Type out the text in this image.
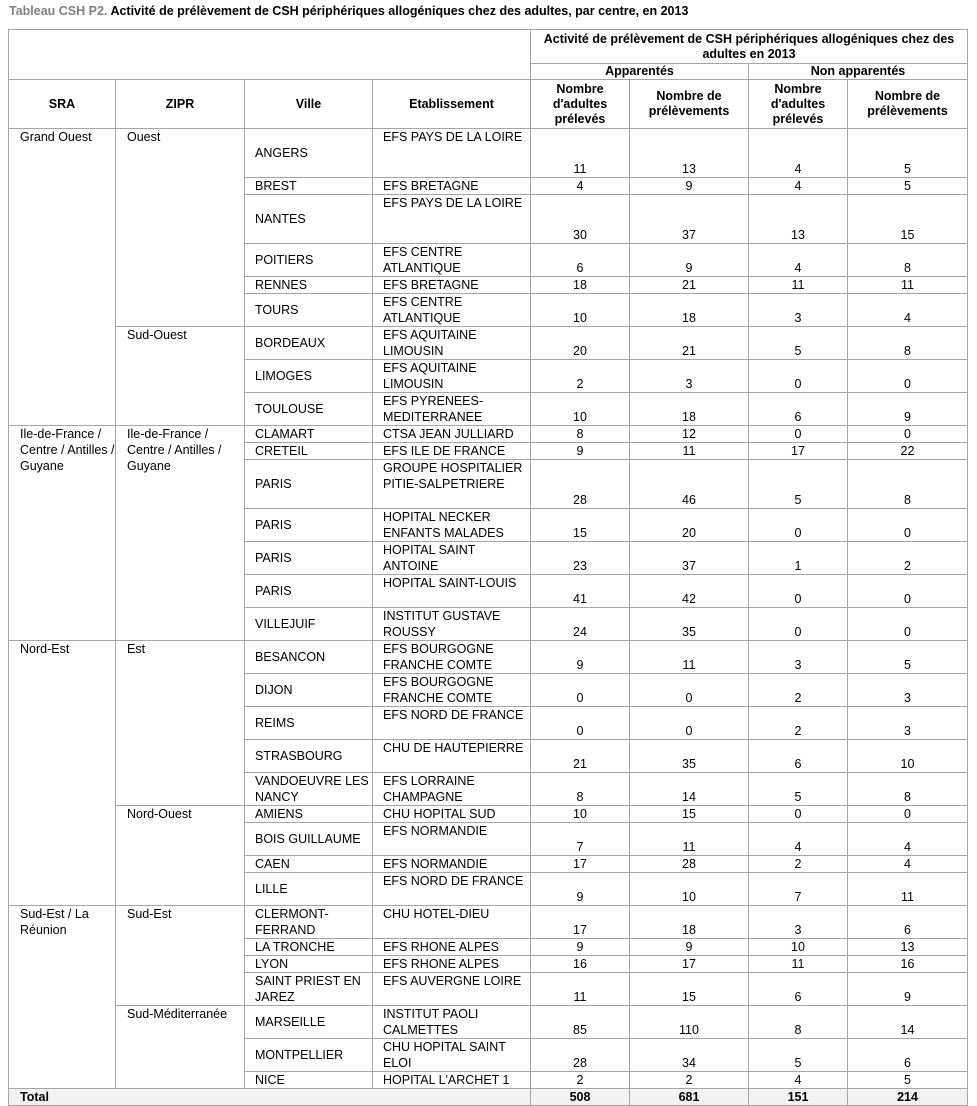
Tableau CSH P2. Activité de prélèvement de CSH périphériques allogéniques chez des adultes, par centre, en 2013
				Activité de prélèvement de CSH périphériques allogéniques chez des adultes en 2013			
				Apparentés		Non apparentés	
SRA	ZIPR	Ville	Etablissement	Nombre d'adultes prélevés	Nombre de prélèvements	Nombre d'adultes prélevés	Nombre de prélèvements
Grand Ouest	Ouest	ANGERS	EFS PAYS DE LA LOIRE	11	13	4	5
		BREST	EFS BRETAGNE	4	9	4	5
		NANTES	EFS PAYS DE LA LOIRE	30	37	13	15
		POITIERS	EFS CENTRE ATLANTIQUE	6	9	4	8
		RENNES	EFS BRETAGNE	18	21	11	11
		TOURS	EFS CENTRE ATLANTIQUE	10	18	3	4
	Sud-Ouest	BORDEAUX	EFS AQUITAINE LIMOUSIN	20	21	5	8
		LIMOGES	EFS AQUITAINE LIMOUSIN	2	3	0	0
		TOULOUSE	EFS PYRENEES-MEDITERRANEE	10	18	6	9
Ile-de-France / Centre / Antilles / Guyane	Ile-de-France / Centre / Antilles / Guyane	CLAMART	CTSA JEAN JULLIARD	8	12	0	0
		CRETEIL	EFS ILE DE FRANCE	9	11	17	22
		PARIS	GROUPE HOSPITALIER PITIE-SALPETRIERE	28	46	5	8
		PARIS	HOPITAL NECKER ENFANTS MALADES	15	20	0	0
		PARIS	HOPITAL SAINT ANTOINE	23	37	1	2
		PARIS	HOPITAL SAINT-LOUIS	41	42	0	0
		VILLEJUIF	INSTITUT GUSTAVE ROUSSY	24	35	0	0
Nord-Est	Est	BESANCON	EFS BOURGOGNE FRANCHE COMTE	9	11	3	5
		DIJON	EFS BOURGOGNE FRANCHE COMTE	0	0	2	3
		REIMS	EFS NORD DE FRANCE	0	0	2	3
		STRASBOURG	CHU DE HAUTEPIERRE	21	35	6	10
		VANDOEUVRE LES NANCY	EFS LORRAINE CHAMPAGNE	8	14	5	8
	Nord-Ouest	AMIENS	CHU HOPITAL SUD	10	15	0	0
		BOIS GUILLAUME	EFS NORMANDIE	7	11	4	4
		CAEN	EFS NORMANDIE	17	28	2	4
		LILLE	EFS NORD DE FRANCE	9	10	7	11
Sud-Est / La Réunion	Sud-Est	CLERMONT-FERRAND	CHU HOTEL-DIEU	17	18	3	6
		LA TRONCHE	EFS RHONE ALPES	9	9	10	13
		LYON	EFS RHONE ALPES	16	17	11	16
		SAINT PRIEST EN JAREZ	EFS AUVERGNE LOIRE	11	15	6	9
	Sud-Méditerranée	MARSEILLE	INSTITUT PAOLI CALMETTES	85	110	8	14
		MONTPELLIER	CHU HOPITAL SAINT ELOI	28	34	5	6
		NICE	HOPITAL L'ARCHET 1	2	2	4	5
Total				508	681	151	214
